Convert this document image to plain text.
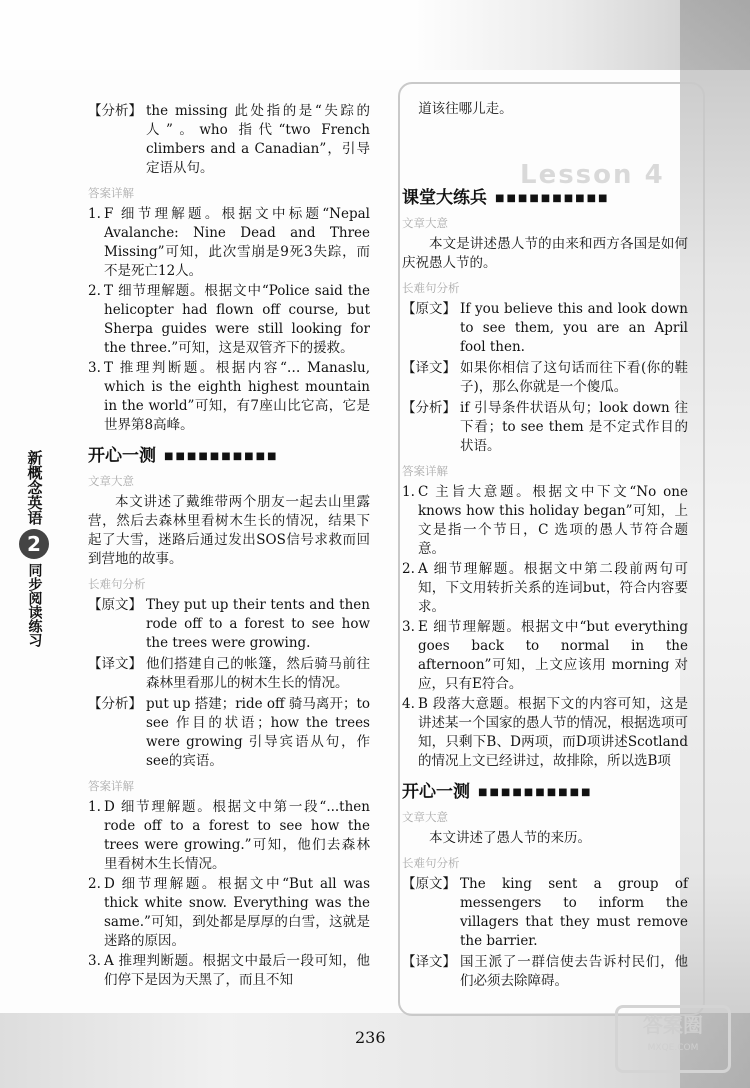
Lesson 4
新概念英语
2
同步阅读练习
【分析】 the missing 此处指的是“失踪的人”。who 指代“two French climbers and a Canadian”，引导定语从句。
答案详解
1. F 细节理解题。根据文中标题“Nepal Avalanche: Nine Dead and Three Missing”可知，此次雪崩是9死3失踪，而不是死亡12人。
2. T 细节理解题。根据文中“Police said the helicopter had flown off course, but Sherpa guides were still looking for the three.”可知，这是双管齐下的援救。
3. T 推理判断题。根据内容“… Manaslu, which is the eighth highest mountain in the world”可知，有7座山比它高，它是世界第8高峰。
开心一测 ■■■■■■■■■■
文章大意
本文讲述了戴维带两个朋友一起去山里露营，然后去森林里看树木生长的情况，结果下起了大雪，迷路后通过发出SOS信号求救而回到营地的故事。
长难句分析
【原文】 They put up their tents and then rode off to a forest to see how the trees were growing.
【译文】 他们搭建自己的帐篷，然后骑马前往森林里看那儿的树木生长的情况。
【分析】 put up 搭建；ride off 骑马离开；to see 作目的状语；how the trees were growing 引导宾语从句，作see的宾语。
答案详解
1. D 细节理解题。根据文中第一段“...then rode off to a forest to see how the trees were growing.”可知，他们去森林里看树木生长情况。
2. D 细节理解题。根据文中“But all was thick white snow. Everything was the same.”可知，到处都是厚厚的白雪，这就是迷路的原因。
3. A 推理判断题。根据文中最后一段可知，他们停下是因为天黑了，而且不知
道该往哪儿走。
课堂大练兵 ■■■■■■■■■■
文章大意
本文是讲述愚人节的由来和西方各国是如何庆祝愚人节的。
长难句分析
【原文】 If you believe this and look down to see them, you are an April fool then.
【译文】 如果你相信了这句话而往下看(你的鞋子)，那么你就是一个傻瓜。
【分析】 if 引导条件状语从句；look down 往下看；to see them 是不定式作目的状语。
答案详解
1. C 主旨大意题。根据文中下文“No one knows how this holiday began”可知，上文是指一个节日，C 选项的愚人节符合题意。
2. A 细节理解题。根据文中第二段前两句可知，下文用转折关系的连词but，符合内容要求。
3. E 细节理解题。根据文中“but everything goes back to normal in the afternoon”可知，上文应该用 morning 对应，只有E符合。
4. B 段落大意题。根据下文的内容可知，这是讲述某一个国家的愚人节的情况，根据选项可知，只剩下B、D两项，而D项讲述Scotland的情况上文已经讲过，故排除，所以选B项
开心一测 ■■■■■■■■■■
文章大意
本文讲述了愚人节的来历。
长难句分析
【原文】 The king sent a group of messengers to inform the villagers that they must remove the barrier.
【译文】 国王派了一群信使去告诉村民们，他们必须去除障碍。
236
答案圈
MXQE.COM
